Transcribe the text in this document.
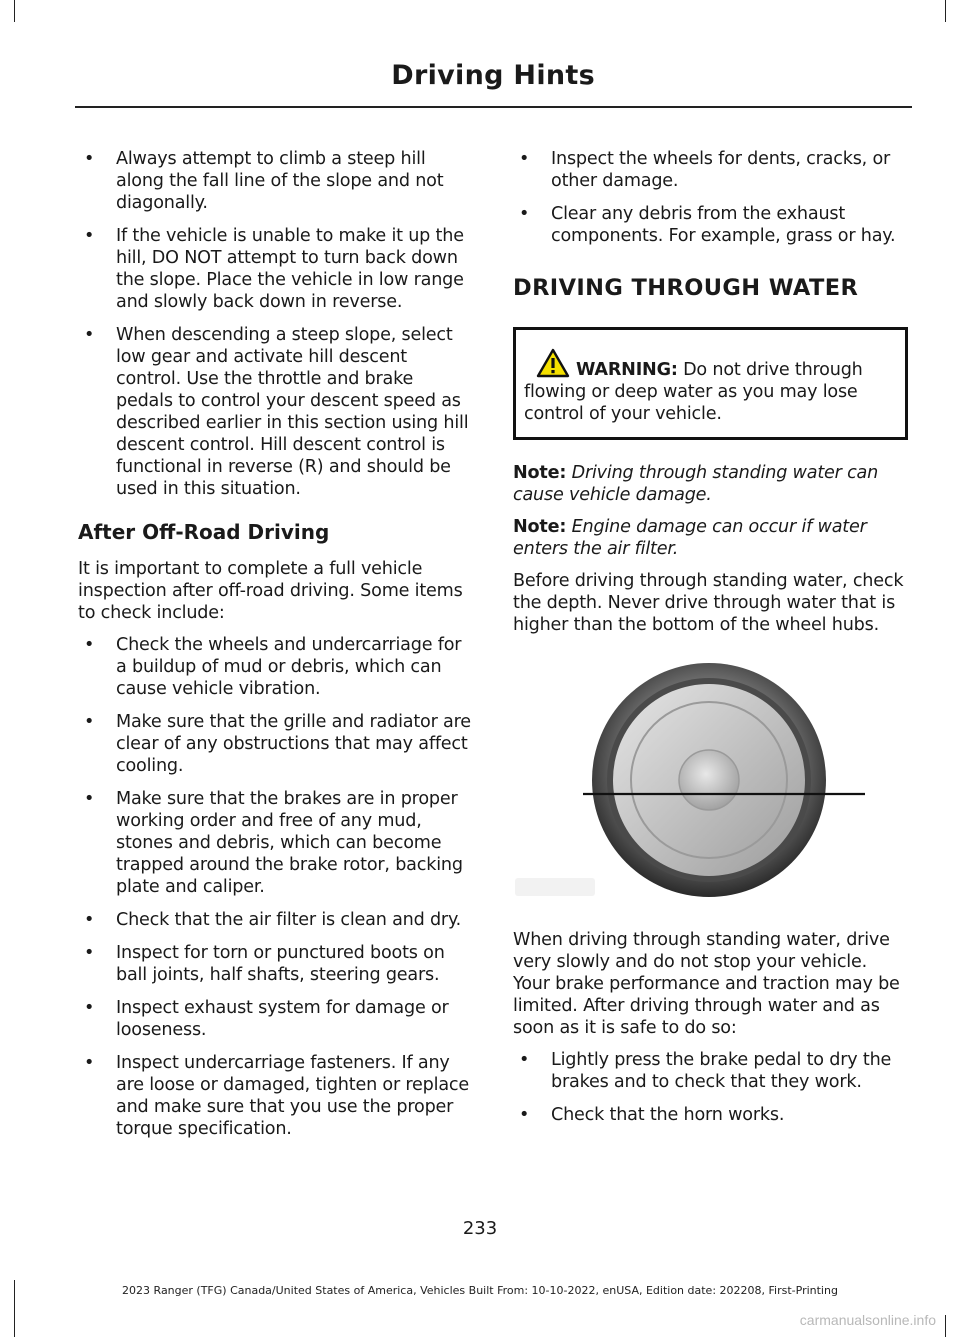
Driving Hints
• Always attempt to climb a steep hill along the fall line of the slope and not diagonally.
• If the vehicle is unable to make it up the hill, DO NOT attempt to turn back down the slope. Place the vehicle in low range and slowly back down in reverse.
• When descending a steep slope, select low gear and activate hill descent control. Use the throttle and brake pedals to control your descent speed as described earlier in this section using hill descent control. Hill descent control is functional in reverse (R) and should be used in this situation.
After Off-Road Driving

It is important to complete a full vehicle inspection after off-road driving. Some items to check include:

• Check the wheels and undercarriage for a buildup of mud or debris, which can cause vehicle vibration.
• Make sure that the grille and radiator are clear of any obstructions that may affect cooling.
• Make sure that the brakes are in proper working order and free of any mud, stones and debris, which can become trapped around the brake rotor, backing plate and caliper.
• Check that the air filter is clean and dry.
• Inspect for torn or punctured boots on ball joints, half shafts, steering gears.
• Inspect exhaust system for damage or looseness.
• Inspect undercarriage fasteners. If any are loose or damaged, tighten or replace and make sure that you use the proper torque specification.
• Inspect the wheels for dents, cracks, or other damage.
• Clear any debris from the exhaust components. For example, grass or hay.
DRIVING THROUGH WATER
WARNING: Do not drive through flowing or deep water as you may lose control of your vehicle.

Note: Driving through standing water can cause vehicle damage.

Note: Engine damage can occur if water enters the air filter.

Before driving through standing water, check the depth. Never drive through water that is higher than the bottom of the wheel hubs.

When driving through standing water, drive very slowly and do not stop your vehicle. Your brake performance and traction may be limited. After driving through water and as soon as it is safe to do so:

• Lightly press the brake pedal to dry the brakes and to check that they work.
• Check that the horn works.
233
2023 Ranger (TFG) Canada/United States of America, Vehicles Built From: 10-10-2022, enUSA, Edition date: 202208, First-Printing
carmanualsonline.info
